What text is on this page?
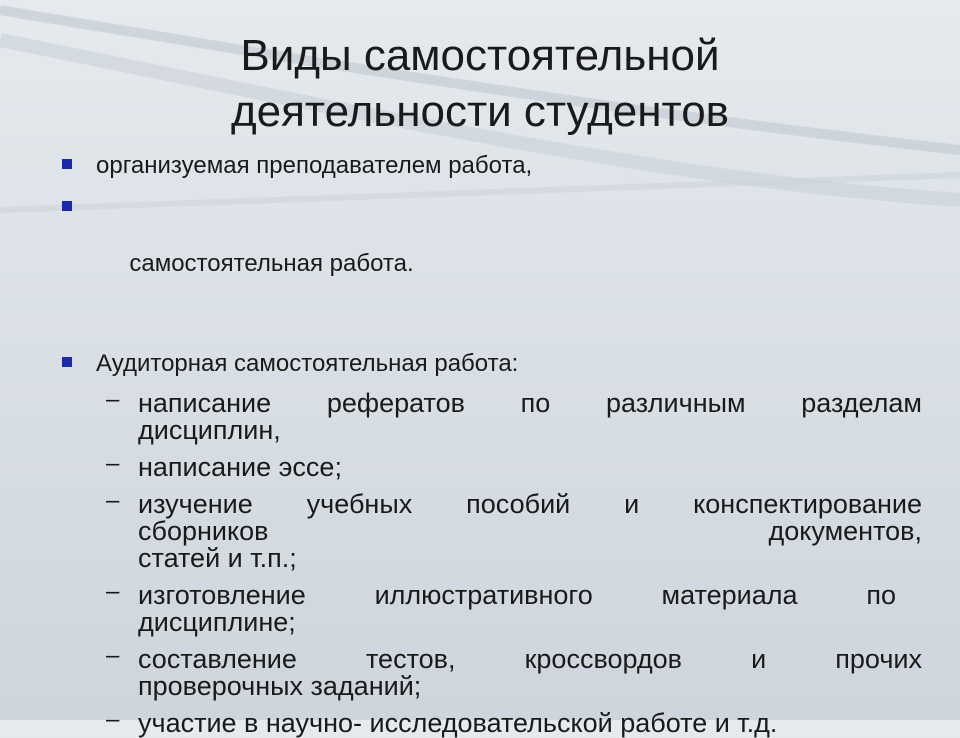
Виды самостоятельной
деятельности студентов
организуемая преподавателем работа,

самостоятельная работа.

Аудиторная самостоятельная работа:
– написание рефератов по различным разделам
дисциплин,
– написание эссе;
– изучение учебных пособий и конспектирование
сборников документов,
статей и т.п.;
– изготовление иллюстративного материала по
дисциплине;
– составление тестов, кроссвордов и прочих
проверочных заданий;
– участие в научно- исследовательской работе и т.д.
